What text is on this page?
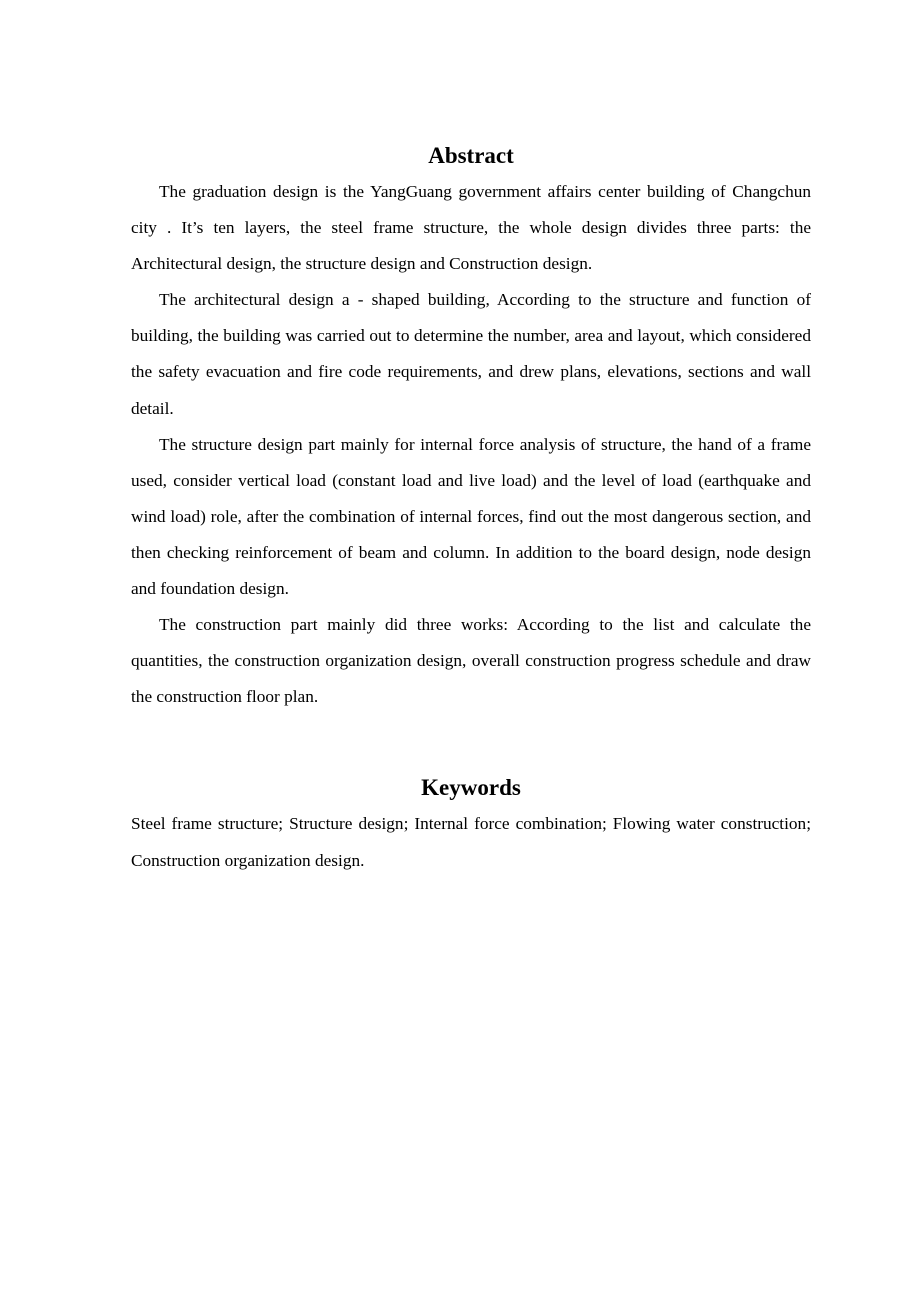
Abstract

The graduation design is the YangGuang government affairs center building of Changchun city . It’s ten layers, the steel frame structure, the whole design divides three parts: the Architectural design, the structure design and Construction design.

The architectural design a - shaped building, According to the structure and function of building, the building was carried out to determine the number, area and layout, which considered the safety evacuation and fire code requirements, and drew plans, elevations, sections and wall detail.

The structure design part mainly for internal force analysis of structure, the hand of a frame used, consider vertical load (constant load and live load) and the level of load (earthquake and wind load) role, after the combination of internal forces, find out the most dangerous section, and then checking reinforcement of beam and column. In addition to the board design, node design and foundation design.

The construction part mainly did three works: According to the list and calculate the quantities, the construction organization design, overall construction progress schedule and draw the construction floor plan.

Keywords

Steel frame structure; Structure design; Internal force combination; Flowing water construction; Construction organization design.
